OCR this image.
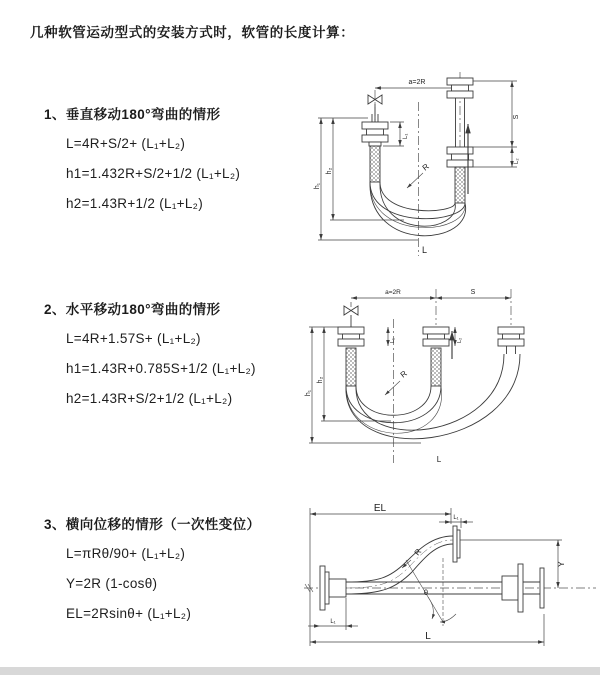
几种软管运动型式的安装方式时，软管的长度计算：
1、垂直移动180°弯曲的情形
L=4R+S/2+ (L₁+L₂)
h1=1.432R+S/2+1/2 (L₁+L₂)
h2=1.43R+1/2 (L₁+L₂)
2、水平移动180°弯曲的情形
L=4R+1.57S+ (L₁+L₂)
h1=1.43R+0.785S+1/2 (L₁+L₂)
h2=1.43R+S/2+1/2 (L₁+L₂)
3、横向位移的情形（一次性变位）
L=πRθ/90+ (L₁+L₂)
Y=2R (1-cosθ)
EL=2Rsinθ+ (L₁+L₂)
a=2R
h₁
h₂
L₁
S
L₂
R
L
a=2R	S
h₁
h₂
L₁	L₂
R
L
EL
L₁
Y
L
L₁
R
θ
